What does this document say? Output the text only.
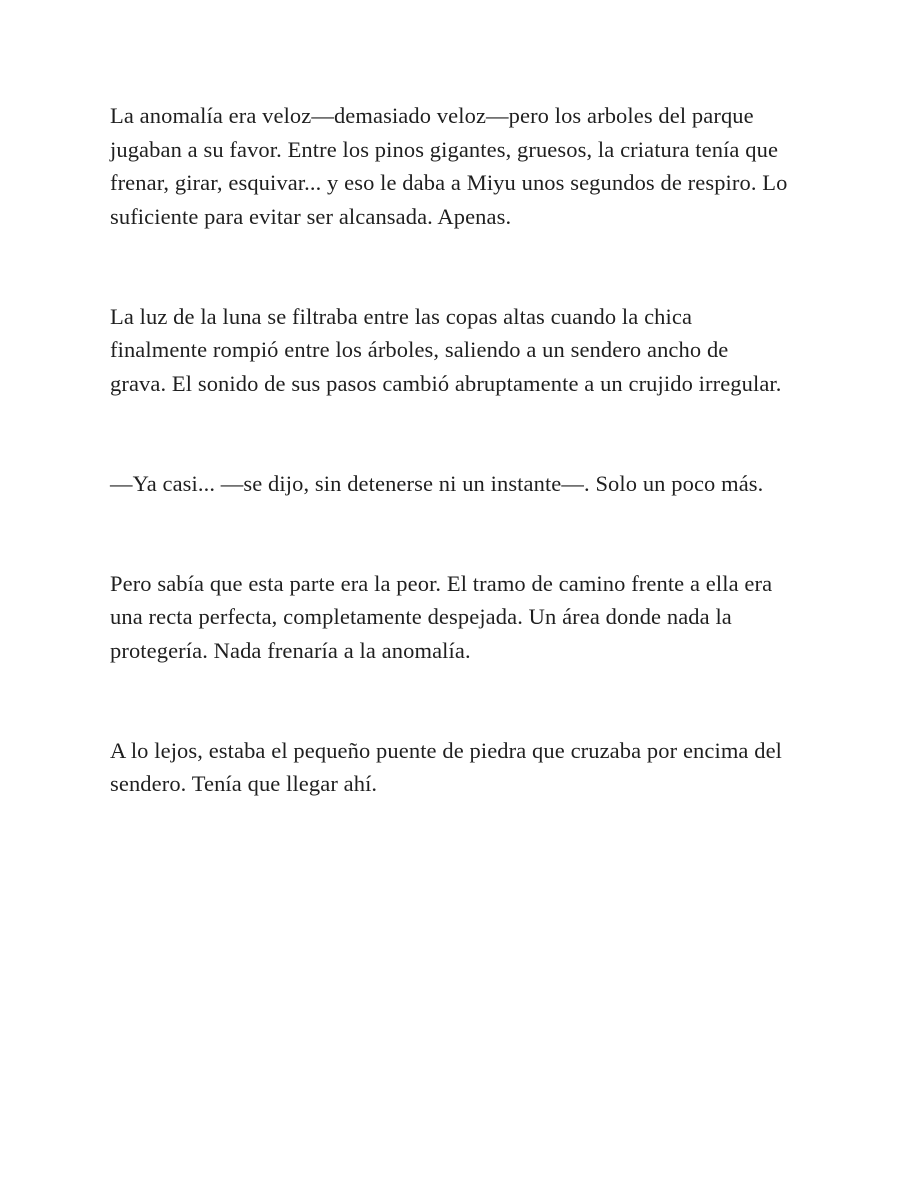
La anomalía era veloz—demasiado veloz—pero los arboles del parque jugaban a su favor. Entre los pinos gigantes, gruesos, la criatura tenía que frenar, girar, esquivar... y eso le daba a Miyu unos segundos de respiro. Lo suficiente para evitar ser alcansada. Apenas.

La luz de la luna se filtraba entre las copas altas cuando la chica finalmente rompió entre los árboles, saliendo a un sendero ancho de grava. El sonido de sus pasos cambió abruptamente a un crujido irregular.

—Ya casi... —se dijo, sin detenerse ni un instante—. Solo un poco más.

Pero sabía que esta parte era la peor. El tramo de camino frente a ella era una recta perfecta, completamente despejada. Un área donde nada la protegería. Nada frenaría a la anomalía.

A lo lejos, estaba el pequeño puente de piedra que cruzaba por encima del sendero. Tenía que llegar ahí.
